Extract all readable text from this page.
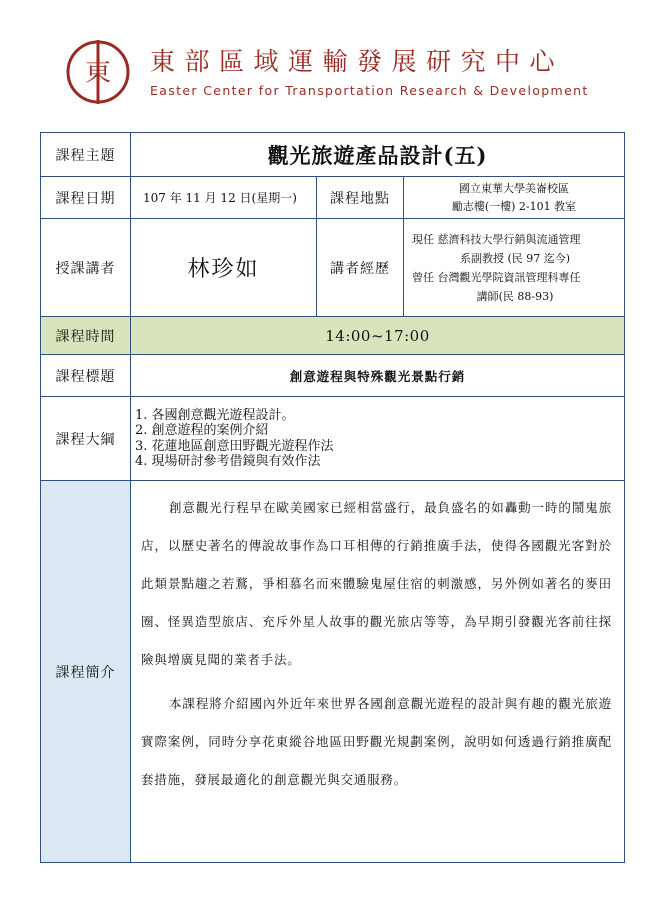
東 東部區域運輸發展研究中心
Easter Center for Transportation Research & Development
課程主題	觀光旅遊產品設計(五)		
課程日期	107 年 11 月 12 日(星期一)	課程地點	國立東華大學美崙校區
勵志樓(一樓) 2-101 教室

授課講者	林珍如	講者經歷	現任 慈濟科技大學行銷與流通管理
系副教授 (民 97 迄今)
曾任 台灣觀光學院資訊管理科專任
講師(民 88-93)

課程時間	14:00~17:00		
課程標題	創意遊程與特殊觀光景點行銷		
課程大綱	1. 各國創意觀光遊程設計。
2. 創意遊程的案例介紹
3. 花蓮地區創意田野觀光遊程作法
4. 現場研討參考借鏡與有效作法		

課程簡介	創意觀光行程早在歐美國家已經相當盛行，最負盛名的如轟動一時的鬧鬼旅店，以歷史著名的傳說故事作為口耳相傳的行銷推廣手法，使得各國觀光客對於此類景點趨之若鶩，爭相慕名而來體驗鬼屋住宿的刺激感，另外例如著名的麥田圈、怪異造型旅店、充斥外星人故事的觀光旅店等等，為早期引發觀光客前往探險與增廣見聞的業者手法。

本課程將介紹國內外近年來世界各國創意觀光遊程的設計與有趣的觀光旅遊實際案例，同時分享花東縱谷地區田野觀光規劃案例，說明如何透過行銷推廣配套措施，發展最適化的創意觀光與交通服務。		
